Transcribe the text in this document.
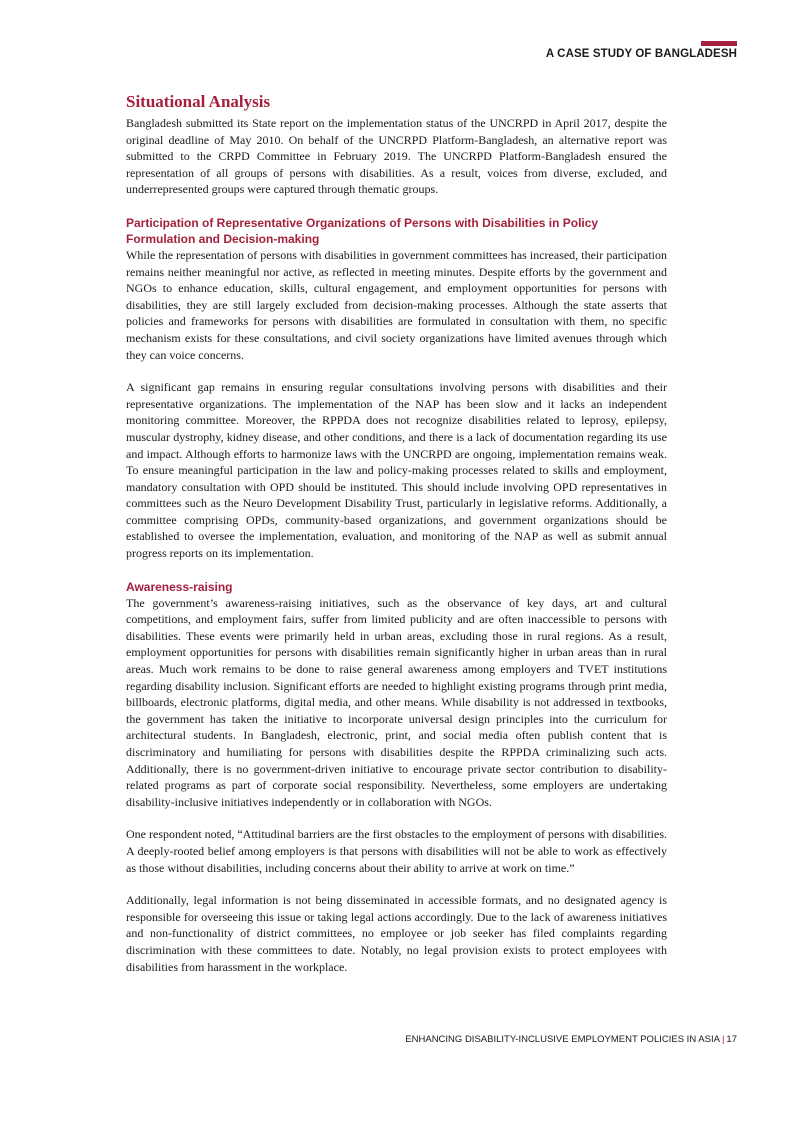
A CASE STUDY OF BANGLADESH
Situational Analysis

Bangladesh submitted its State report on the implementation status of the UNCRPD in April 2017, despite the original deadline of May 2010. On behalf of the UNCRPD Platform-Bangladesh, an alternative report was submitted to the CRPD Committee in February 2019. The UNCRPD Platform-Bangladesh ensured the representation of all groups of persons with disabilities. As a result, voices from diverse, excluded, and underrepresented groups were captured through thematic groups.

Participation of Representative Organizations of Persons with Disabilities in Policy Formulation and Decision-making

While the representation of persons with disabilities in government committees has increased, their participation remains neither meaningful nor active, as reflected in meeting minutes. Despite efforts by the government and NGOs to enhance education, skills, cultural engagement, and employment opportunities for persons with disabilities, they are still largely excluded from decision-making processes. Although the state asserts that policies and frameworks for persons with disabilities are formulated in consultation with them, no specific mechanism exists for these consultations, and civil society organizations have limited avenues through which they can voice concerns.

A significant gap remains in ensuring regular consultations involving persons with disabilities and their representative organizations. The implementation of the NAP has been slow and it lacks an independent monitoring committee. Moreover, the RPPDA does not recognize disabilities related to leprosy, epilepsy, muscular dystrophy, kidney disease, and other conditions, and there is a lack of documentation regarding its use and impact. Although efforts to harmonize laws with the UNCRPD are ongoing, implementation remains weak. To ensure meaningful participation in the law and policy-making processes related to skills and employment, mandatory consultation with OPD should be instituted. This should include involving OPD representatives in committees such as the Neuro Development Disability Trust, particularly in legislative reforms. Additionally, a committee comprising OPDs, community-based organizations, and government organizations should be established to oversee the implementation, evaluation, and monitoring of the NAP as well as submit annual progress reports on its implementation.

Awareness-raising

The government’s awareness-raising initiatives, such as the observance of key days, art and cultural competitions, and employment fairs, suffer from limited publicity and are often inaccessible to persons with disabilities. These events were primarily held in urban areas, excluding those in rural regions. As a result, employment opportunities for persons with disabilities remain significantly higher in urban areas than in rural areas. Much work remains to be done to raise general awareness among employers and TVET institutions regarding disability inclusion. Significant efforts are needed to highlight existing programs through print media, billboards, electronic platforms, digital media, and other means. While disability is not addressed in textbooks, the government has taken the initiative to incorporate universal design principles into the curriculum for architectural students. In Bangladesh, electronic, print, and social media often publish content that is discriminatory and humiliating for persons with disabilities despite the RPPDA criminalizing such acts. Additionally, there is no government-driven initiative to encourage private sector contribution to disability-related programs as part of corporate social responsibility. Nevertheless, some employers are undertaking disability-inclusive initiatives independently or in collaboration with NGOs.

One respondent noted, “Attitudinal barriers are the first obstacles to the employment of persons with disabilities. A deeply-rooted belief among employers is that persons with disabilities will not be able to work as effectively as those without disabilities, including concerns about their ability to arrive at work on time.”

Additionally, legal information is not being disseminated in accessible formats, and no designated agency is responsible for overseeing this issue or taking legal actions accordingly. Due to the lack of awareness initiatives and non-functionality of district committees, no employee or job seeker has filed complaints regarding discrimination with these committees to date. Notably, no legal provision exists to protect employees with disabilities from harassment in the workplace.

ENHANCING DISABILITY-INCLUSIVE EMPLOYMENT POLICIES IN ASIA | 17
